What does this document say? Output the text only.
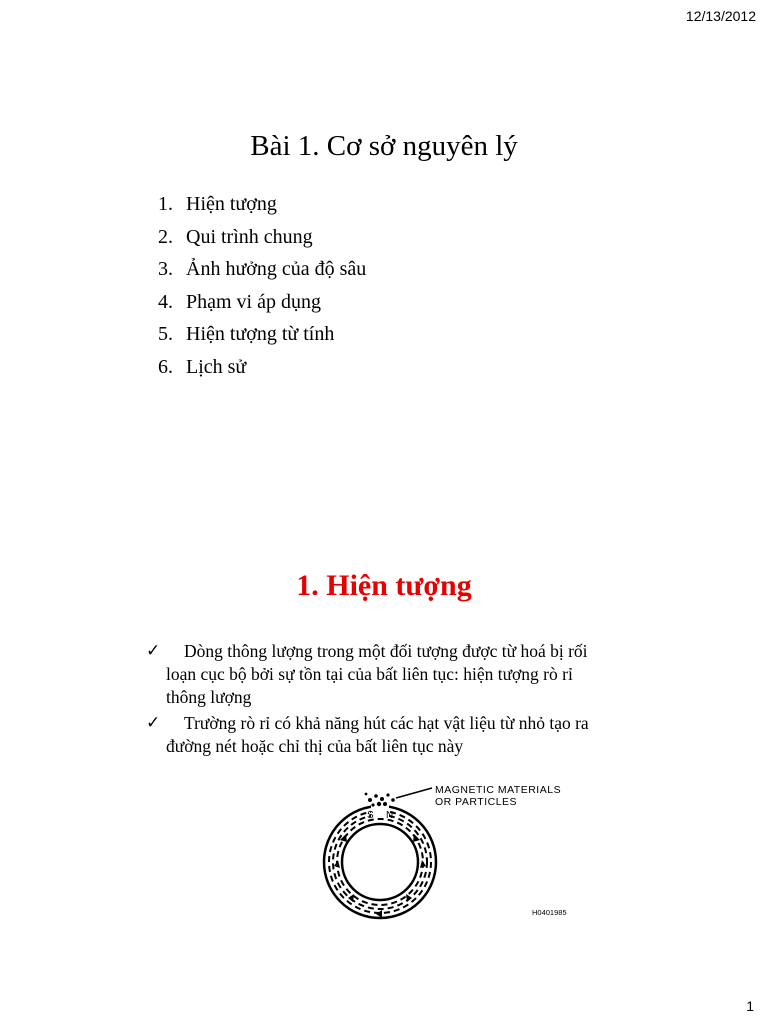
12/13/2012
Bài 1. Cơ sở nguyên lý
1. Hiện tượng
2. Qui trình chung
3. Ảnh hưởng của độ sâu
4. Phạm vi áp dụng
5. Hiện tượng từ tính
6. Lịch sử
1. Hiện tượng
✓ Dòng thông lượng trong một đối tượng được từ hoá bị rối loạn cục bộ bởi sự tồn tại của bất liên tục: hiện tượng rò rỉ thông lượng
✓ Trường rò rỉ có khả năng hút các hạt vật liệu từ nhỏ tạo ra đường nét hoặc chỉ thị của bất liên tục này
S N
MAGNETIC MATERIALS
OR PARTICLES
H0401985
1
